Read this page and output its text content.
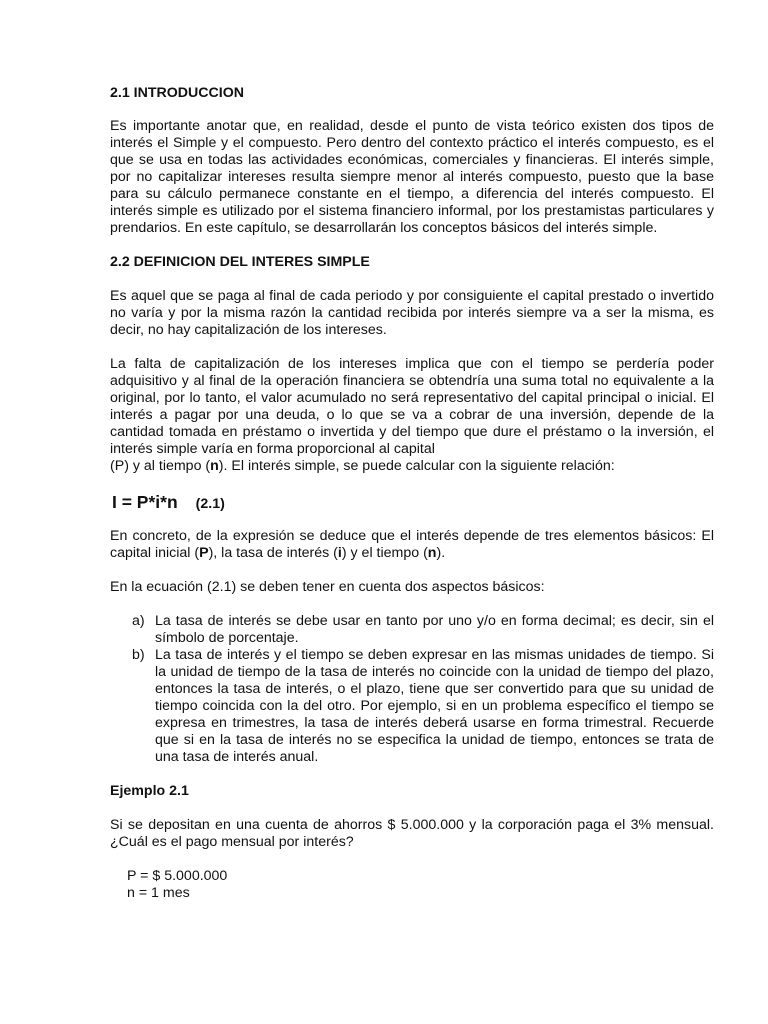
2.1 INTRODUCCION

Es importante anotar que, en realidad, desde el punto de vista teórico existen dos tipos de interés el Simple y el compuesto. Pero dentro del contexto práctico el interés compuesto, es el que se usa en todas las actividades económicas, comerciales y financieras. El interés simple, por no capitalizar intereses resulta siempre menor al interés compuesto, puesto que la base para su cálculo permanece constante en el tiempo, a diferencia del interés compuesto. El interés simple es utilizado por el sistema financiero informal, por los prestamistas particulares y prendarios. En este capítulo, se desarrollarán los conceptos básicos del interés simple.

2.2 DEFINICION DEL INTERES SIMPLE

Es aquel que se paga al final de cada periodo y por consiguiente el capital prestado o invertido no varía y por la misma razón la cantidad recibida por interés siempre va a ser la misma, es decir, no hay capitalización de los intereses.

La falta de capitalización de los intereses implica que con el tiempo se perdería poder adquisitivo y al final de la operación financiera se obtendría una suma total no equivalente a la original, por lo tanto, el valor acumulado no será representativo del capital principal o inicial. El interés a pagar por una deuda, o lo que se va a cobrar de una inversión, depende de la cantidad tomada en préstamo o invertida y del tiempo que dure el préstamo o la inversión, el interés simple varía en forma proporcional al capital
(P) y al tiempo (n). El interés simple, se puede calcular con la siguiente relación:

I = P*i*n (2.1)

En concreto, de la expresión se deduce que el interés depende de tres elementos básicos: El capital inicial (P), la tasa de interés (i) y el tiempo (n).

En la ecuación (2.1) se deben tener en cuenta dos aspectos básicos:

a) La tasa de interés se debe usar en tanto por uno y/o en forma decimal; es decir, sin el símbolo de porcentaje.
b) La tasa de interés y el tiempo se deben expresar en las mismas unidades de tiempo. Si la unidad de tiempo de la tasa de interés no coincide con la unidad de tiempo del plazo, entonces la tasa de interés, o el plazo, tiene que ser convertido para que su unidad de tiempo coincida con la del otro. Por ejemplo, si en un problema específico el tiempo se expresa en trimestres, la tasa de interés deberá usarse en forma trimestral. Recuerde que si en la tasa de interés no se especifica la unidad de tiempo, entonces se trata de una tasa de interés anual.
Ejemplo 2.1

Si se depositan en una cuenta de ahorros $ 5.000.000 y la corporación paga el 3% mensual. ¿Cuál es el pago mensual por interés?

P = $ 5.000.000
n = 1 mes
